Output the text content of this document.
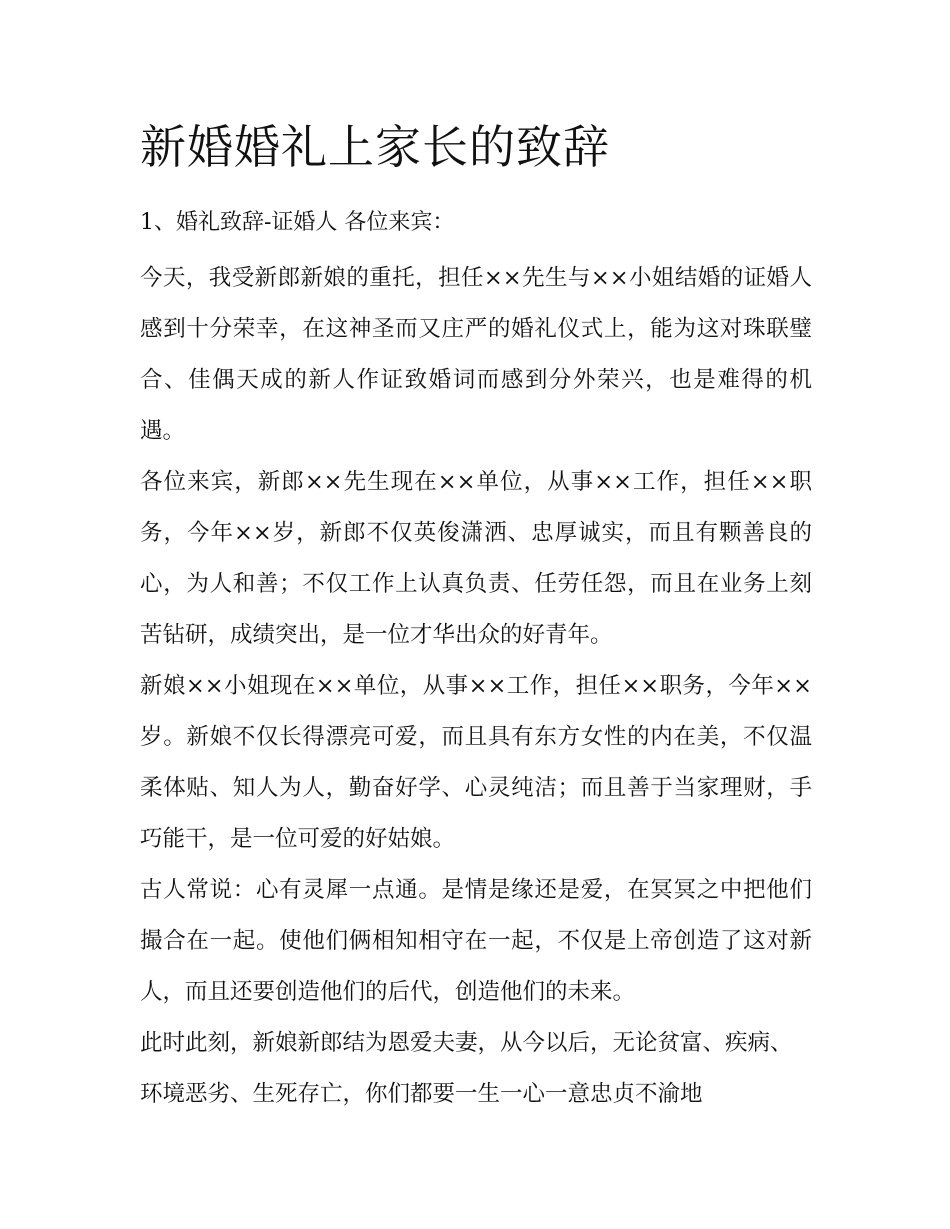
新婚婚礼上家长的致辞
1、婚礼致辞-证婚人 各位来宾：

今天，我受新郎新娘的重托，担任××先生与××小姐结婚的证婚人感到十分荣幸，在这神圣而又庄严的婚礼仪式上，能为这对珠联璧合、佳偶天成的新人作证致婚词而感到分外荣兴，也是难得的机遇。

各位来宾，新郎××先生现在××单位，从事××工作，担任××职务，今年××岁，新郎不仅英俊潇洒、忠厚诚实，而且有颗善良的心，为人和善；不仅工作上认真负责、任劳任怨，而且在业务上刻苦钻研，成绩突出，是一位才华出众的好青年。

新娘××小姐现在××单位，从事××工作，担任××职务，今年××岁。新娘不仅长得漂亮可爱，而且具有东方女性的内在美，不仅温柔体贴、知人为人，勤奋好学、心灵纯洁；而且善于当家理财，手巧能干，是一位可爱的好姑娘。

古人常说：心有灵犀一点通。是情是缘还是爱，在冥冥之中把他们撮合在一起。使他们俩相知相守在一起，不仅是上帝创造了这对新人，而且还要创造他们的后代，创造他们的未来。

此时此刻，新娘新郎结为恩爱夫妻，从今以后，无论贫富、疾病、环境恶劣、生死存亡，你们都要一生一心一意忠贞不渝地
